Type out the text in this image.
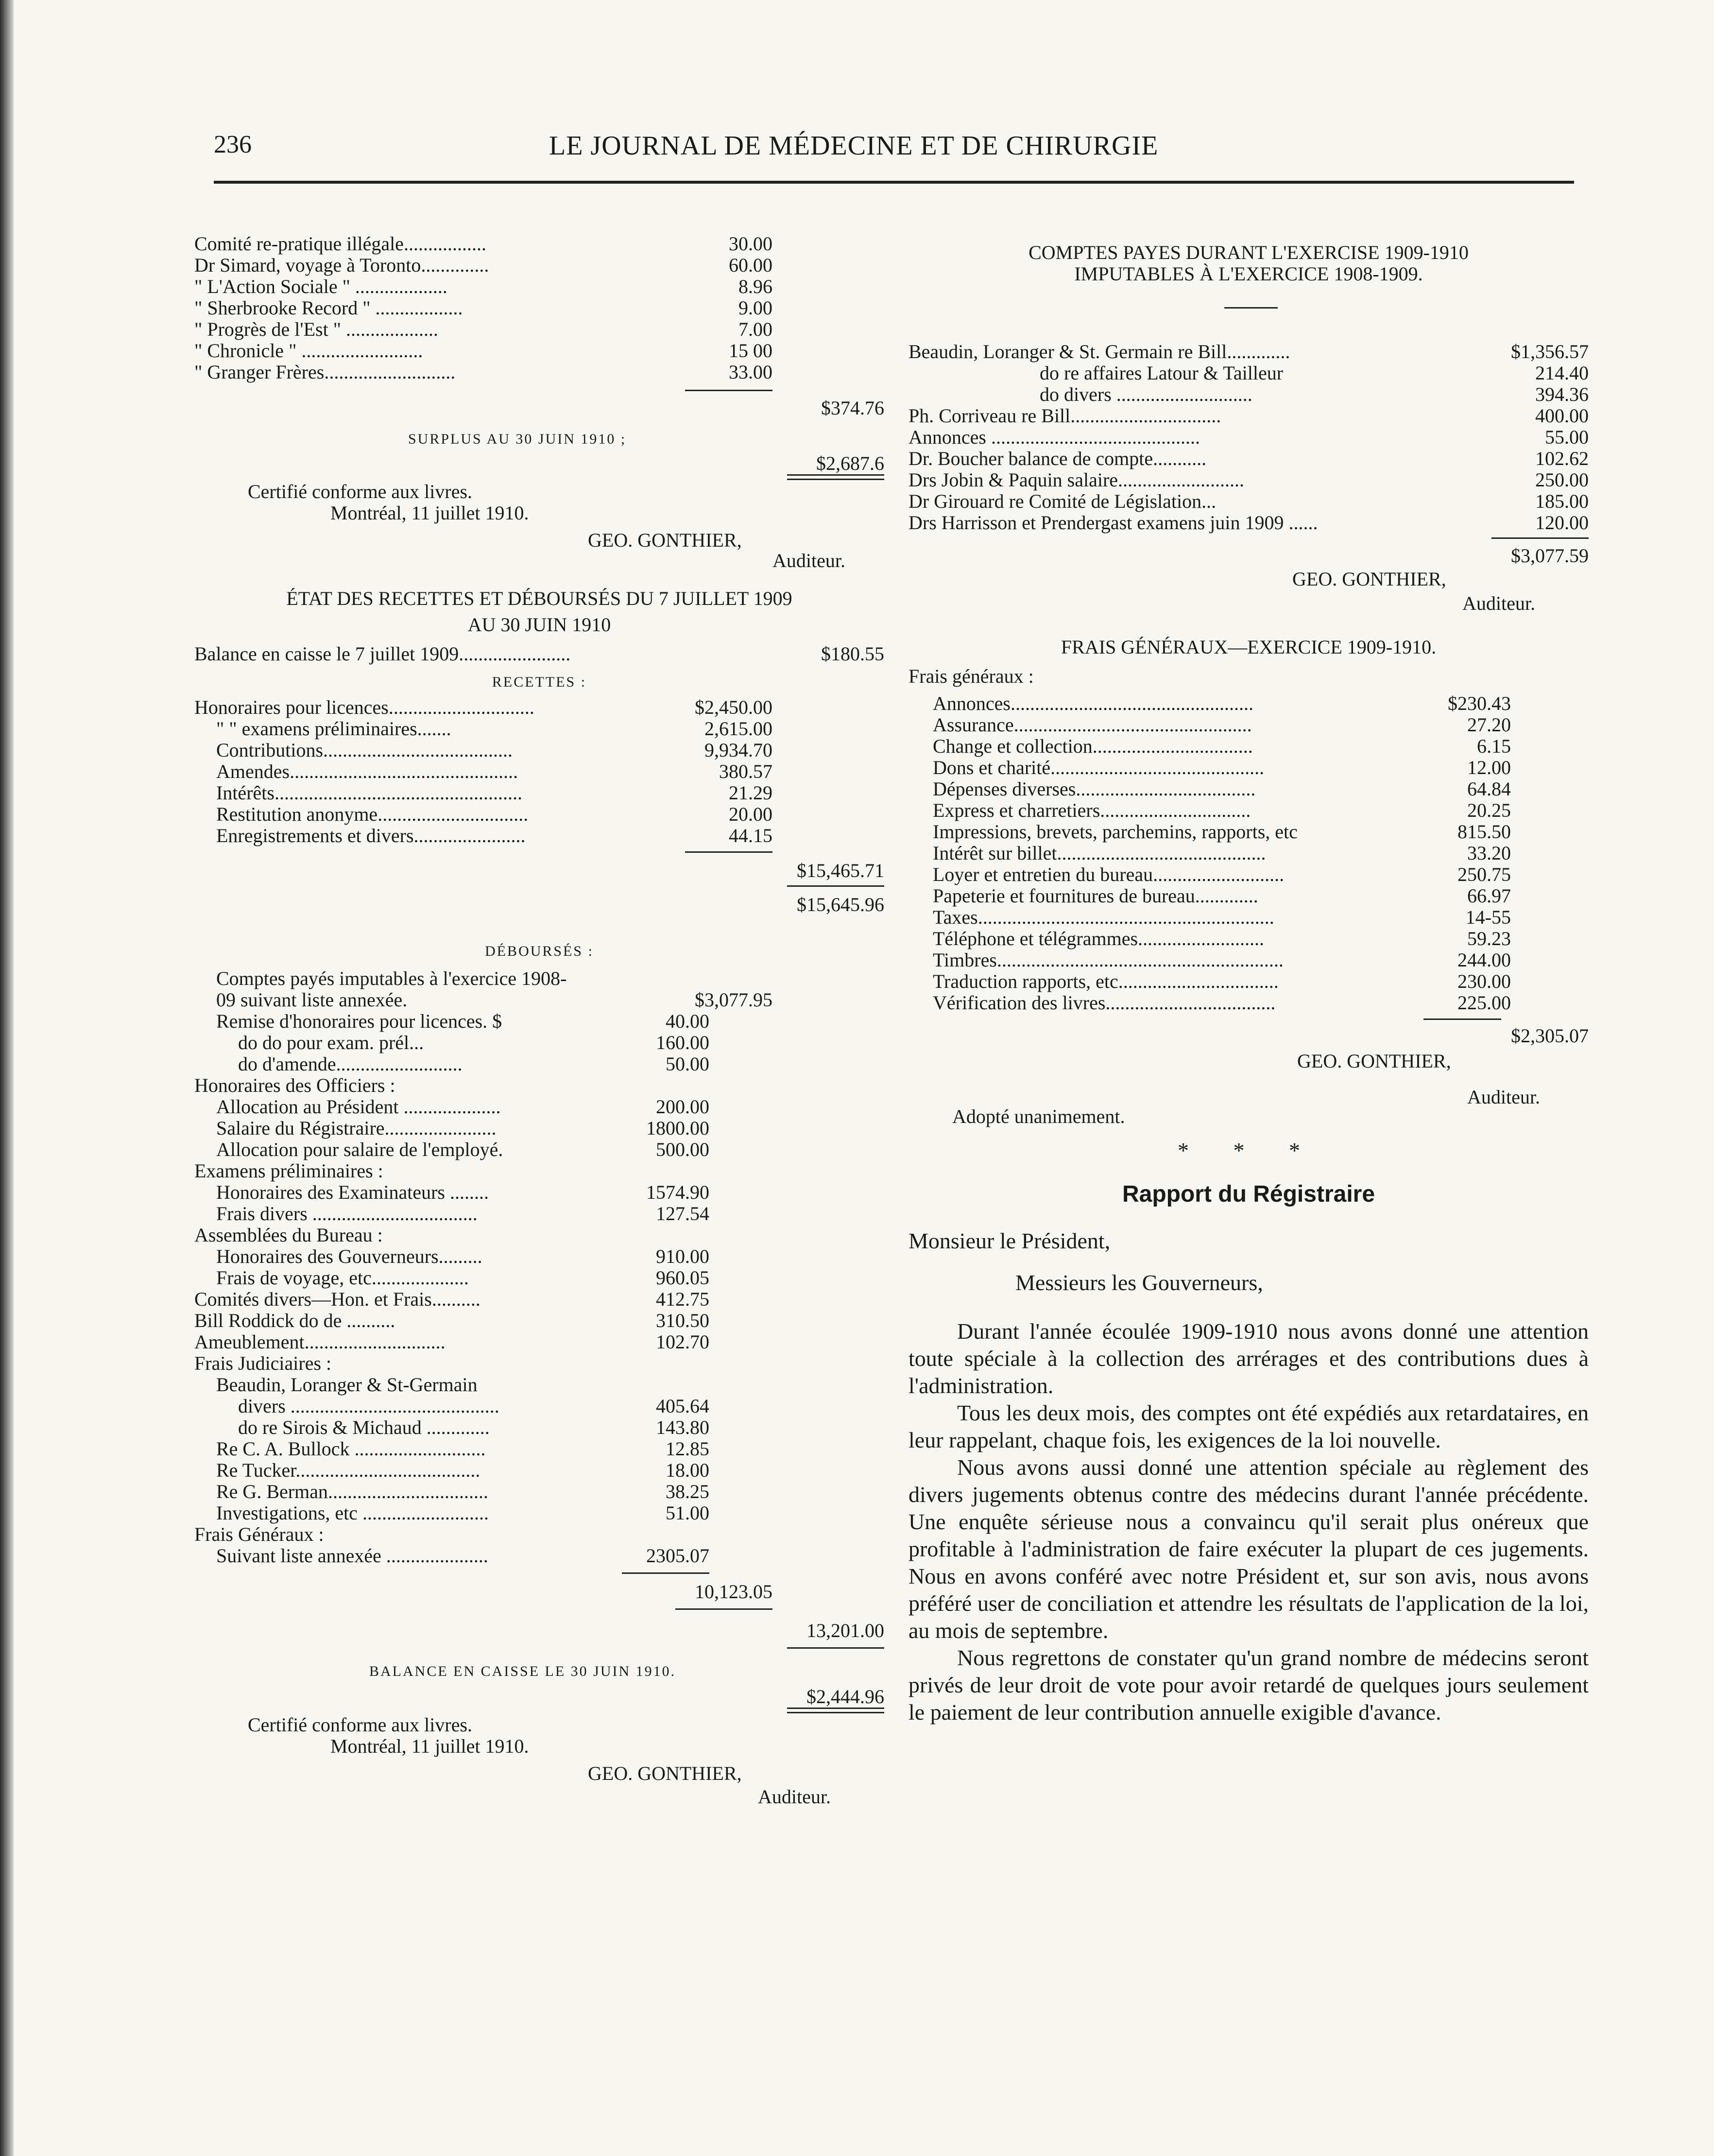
236	LE JOURNAL DE MÉDECINE ET DE CHIRURGIE
Comité re-pratique illégale.................	30.00
Dr Simard, voyage à Toronto..............	60.00
" L'Action Sociale " ...................	8.96
" Sherbrooke Record " ..................	9.00
" Progrès de l'Est " ...................	7.00
" Chronicle " .........................	15 00
" Granger Frères...........................	33.00
$374.76
SURPLUS AU 30 JUIN 1910 ;
$2,687.6
Certifié conforme aux livres.
Montréal, 11 juillet 1910.
GEO. GONTHIER,
Auditeur.
ÉTAT DES RECETTES ET DÉBOURSÉS DU 7 JUILLET 1909
AU 30 JUIN 1910
Balance en caisse le 7 juillet 1909.......................	$180.55
RECETTES :
Honoraires pour licences..............................	$2,450.00
" " examens préliminaires.......	2,615.00
Contributions.......................................	9,934.70
Amendes...............................................	380.57
Intérêts...................................................	21.29
Restitution anonyme...............................	20.00
Enregistrements et divers.......................	44.15
$15,465.71
$15,645.96
DÉBOURSÉS :
Comptes payés imputables à l'exercice 1908-
09 suivant liste annexée.	$3,077.95
Remise d'honoraires pour licences. $	40.00
do do pour exam. prél...	160.00
do d'amende..........................	50.00
Honoraires des Officiers :
Allocation au Président ....................	200.00
Salaire du Régistraire.......................	1800.00
Allocation pour salaire de l'employé.	500.00
Examens préliminaires :
Honoraires des Examinateurs ........	1574.90
Frais divers ..................................	127.54
Assemblées du Bureau :
Honoraires des Gouverneurs.........	910.00
Frais de voyage, etc....................	960.05
Comités divers—Hon. et Frais..........	412.75
Bill Roddick do de ..........	310.50
Ameublement.............................	102.70
Frais Judiciaires :
Beaudin, Loranger & St-Germain
divers ...........................................	405.64
do re Sirois & Michaud .............	143.80
Re C. A. Bullock ...........................	12.85
Re Tucker......................................	18.00
Re G. Berman.................................	38.25
Investigations, etc ..........................	51.00
Frais Généraux :
Suivant liste annexée .....................	2305.07
10,123.05
13,201.00
BALANCE EN CAISSE LE 30 JUIN 1910.
$2,444.96
Certifié conforme aux livres.
Montréal, 11 juillet 1910.
GEO. GONTHIER,
Auditeur.
COMPTES PAYES DURANT L'EXERCISE 1909-1910
IMPUTABLES À L'EXERCICE 1908-1909.
Beaudin, Loranger & St. Germain re Bill.............	$1,356.57
do re affaires Latour & Tailleur	214.40
do divers ............................	394.36
Ph. Corriveau re Bill...............................	400.00
Annonces ...........................................	55.00
Dr. Boucher balance de compte...........	102.62
Drs Jobin & Paquin salaire..........................	250.00
Dr Girouard re Comité de Législation...	185.00
Drs Harrisson et Prendergast examens juin 1909 ......	120.00
$3,077.59
GEO. GONTHIER,
Auditeur.
FRAIS GÉNÉRAUX—EXERCICE 1909-1910.
Frais généraux :
Annonces..................................................	$230.43
Assurance.................................................	27.20
Change et collection.................................	6.15
Dons et charité............................................	12.00
Dépenses diverses.....................................	64.84
Express et charretiers...............................	20.25
Impressions, brevets, parchemins, rapports, etc	815.50
Intérêt sur billet...........................................	33.20
Loyer et entretien du bureau...........................	250.75
Papeterie et fournitures de bureau.............	66.97
Taxes.............................................................	14-55
Téléphone et télégrammes..........................	59.23
Timbres...........................................................	244.00
Traduction rapports, etc.................................	230.00
Vérification des livres...................................	225.00
$2,305.07
GEO. GONTHIER,
Auditeur.
Adopté unanimement.
* * *
Rapport du Régistraire

Monsieur le Président,

Messieurs les Gouverneurs,

Durant l'année écoulée 1909-1910 nous avons donné une attention toute spéciale à la collection des arrérages et des contributions dues à l'administration.

Tous les deux mois, des comptes ont été expédiés aux retardataires, en leur rappelant, chaque fois, les exigences de la loi nouvelle.

Nous avons aussi donné une attention spéciale au règlement des divers jugements obtenus contre des médecins durant l'année précédente. Une enquête sérieuse nous a convaincu qu'il serait plus onéreux que profitable à l'administration de faire exécuter la plupart de ces jugements. Nous en avons conféré avec notre Président et, sur son avis, nous avons préféré user de conciliation et attendre les résultats de l'application de la loi, au mois de septembre.

Nous regrettons de constater qu'un grand nombre de médecins seront privés de leur droit de vote pour avoir retardé de quelques jours seulement le paiement de leur contribution annuelle exigible d'avance.
